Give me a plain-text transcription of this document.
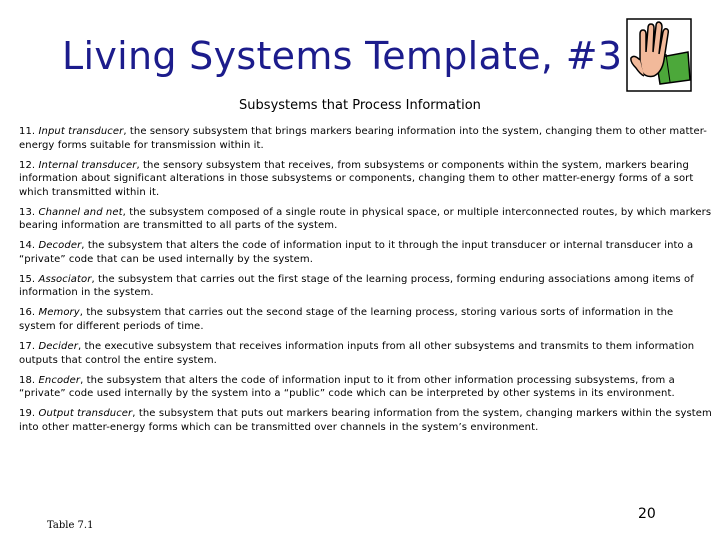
Living Systems Template, #3
Subsystems that Process Information

11. Input transducer, the sensory subsystem that brings markers bearing information into the system, changing them to other matter-energy forms suitable for transmission within it.

12. Internal transducer, the sensory subsystem that receives, from subsystems or components within the system, markers bearing information about significant alterations in those subsystems or components, changing them to other matter-energy forms of a sort which transmitted within it.

13. Channel and net, the subsystem composed of a single route in physical space, or multiple interconnected routes, by which markers bearing information are transmitted to all parts of the system.

14. Decoder, the subsystem that alters the code of information input to it through the input transducer or internal transducer into a “private” code that can be used internally by the system.

15. Associator, the subsystem that carries out the first stage of the learning process, forming enduring associations among items of information in the system.

16. Memory, the subsystem that carries out the second stage of the learning process, storing various sorts of information in the system for different periods of time.

17. Decider, the executive subsystem that receives information inputs from all other subsystems and transmits to them information outputs that control the entire system.

18. Encoder, the subsystem that alters the code of information input to it from other information processing subsystems, from a “private” code used internally by the system into a “public” code which can be interpreted by other systems in its environment.

19. Output transducer, the subsystem that puts out markers bearing information from the system, changing markers within the system into other matter-energy forms which can be transmitted over channels in the system’s environment.

Table 7.1
20
